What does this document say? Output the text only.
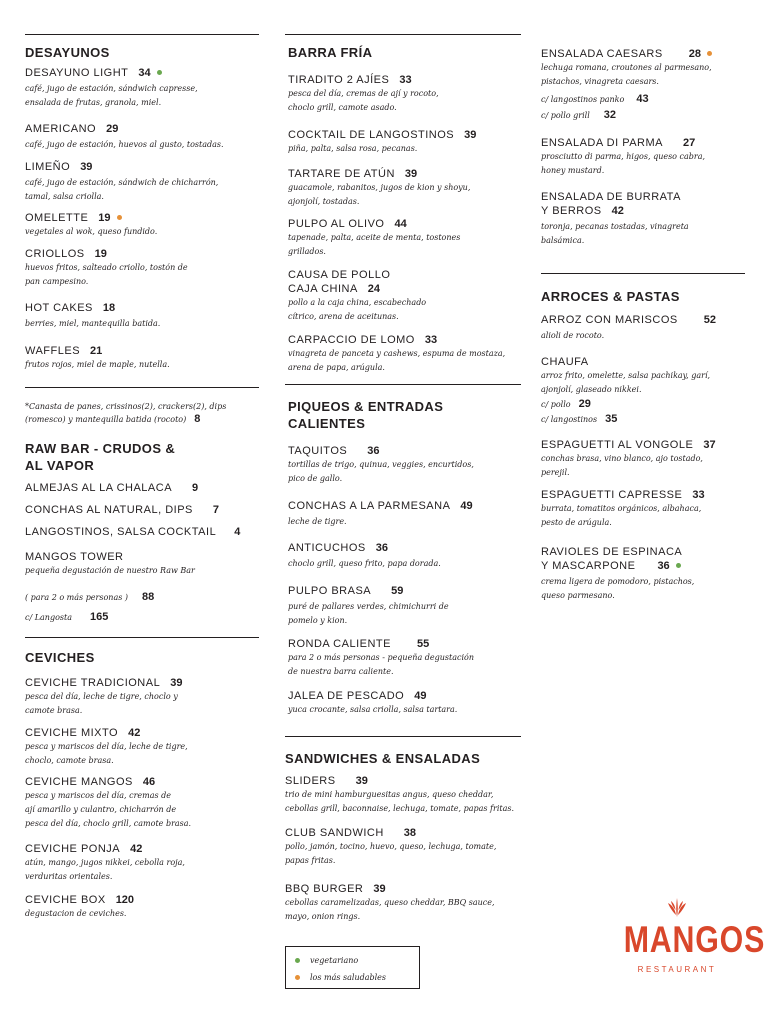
DESAYUNOS
DESAYUNO LIGHT 34
café, jugo de estación, sándwich capresse,
ensalada de frutas, granola, miel.
AMERICANO 29
café, jugo de estación, huevos al gusto, tostadas.
LIMEÑO 39
café, jugo de estación, sándwich de chicharrón,
tamal, salsa criolla.
OMELETTE 19
vegetales al wok, queso fundido.
CRIOLLOS 19
huevos fritos, salteado criollo, tostón de
pan campesino.
HOT CAKES 18
berries, miel, mantequilla batida.
WAFFLES 21
frutos rojos, miel de maple, nutella.
*Canasta de panes, crissinos(2), crackers(2), dips
(romesco) y mantequilla batida (rocoto) 8
RAW BAR - CRUDOS &
AL VAPOR
ALMEJAS AL LA CHALACA 9
CONCHAS AL NATURAL, DIPS 7
LANGOSTINOS, SALSA COCKTAIL 4
MANGOS TOWER
pequeña degustación de nuestro Raw Bar
( para 2 o más personas ) 88
c/ Langosta 165
CEVICHES
CEVICHE TRADICIONAL 39
pesca del día, leche de tigre, choclo y
camote brasa.
CEVICHE MIXTO 42
pesca y mariscos del día, leche de tigre,
choclo, camote brasa.
CEVICHE MANGOS 46
pesca y mariscos del día, cremas de
ají amarillo y culantro, chicharrón de
pesca del día, choclo grill, camote brasa.
CEVICHE PONJA 42
atún, mango, jugos nikkei, cebolla roja,
verduritas orientales.
CEVICHE BOX 120
degustacion de ceviches.
BARRA FRÍA
TIRADITO 2 AJÍES 33
pesca del día, cremas de ají y rocoto,
choclo grill, camote asado.
COCKTAIL DE LANGOSTINOS 39
piña, palta, salsa rosa, pecanas.
TARTARE DE ATÚN 39
guacamole, rabanitos, jugos de kion y shoyu,
ajonjolí, tostadas.
PULPO AL OLIVO 44
tapenade, palta, aceite de menta, tostones
grillados.
CAUSA DE POLLO
CAJA CHINA 24
pollo a la caja china, escabechado
cítrico, arena de aceitunas.
CARPACCIO DE LOMO 33
vinagreta de panceta y cashews, espuma de mostaza,
arena de papa, arúgula.
PIQUEOS & ENTRADAS
CALIENTES
TAQUITOS 36
tortillas de trigo, quinua, veggies, encurtidos,
pico de gallo.
CONCHAS A LA PARMESANA 49
leche de tigre.
ANTICUCHOS 36
choclo grill, queso frito, papa dorada.
PULPO BRASA 59
puré de pallares verdes, chimichurri de
pomelo y kion.
RONDA CALIENTE 55
para 2 o más personas - pequeña degustación
de nuestra barra caliente.
JALEA DE PESCADO 49
yuca crocante, salsa criolla, salsa tartara.
SANDWICHES & ENSALADAS
SLIDERS 39
trio de mini hamburguesitas angus, queso cheddar,
cebollas grill, baconnaise, lechuga, tomate, papas fritas.
CLUB SANDWICH 38
pollo, jamón, tocino, huevo, queso, lechuga, tomate,
papas fritas.
BBQ BURGER 39
cebollas caramelizadas, queso cheddar, BBQ sauce,
mayo, onion rings.
vegetariano
los más saludables
ENSALADA CAESARS 28
lechuga romana, croutones al parmesano,
pistachos, vinagreta caesars.
c/ langostinos panko 43
c/ pollo grill 32
ENSALADA DI PARMA 27
prosciutto di parma, higos, queso cabra,
honey mustard.
ENSALADA DE BURRATA
Y BERROS 42
toronja, pecanas tostadas, vinagreta
balsámica.
ARROCES & PASTAS
ARROZ CON MARISCOS 52
alioli de rocoto.
CHAUFA
arroz frito, omelette, salsa pachikay, garí,
ajonjolí, glaseado nikkei.
c/ pollo 29
c/ langostinos 35
ESPAGUETTI AL VONGOLE 37
conchas brasa, vino blanco, ajo tostado,
perejil.
ESPAGUETTI CAPRESSE 33
burrata, tomatitos orgánicos, albahaca,
pesto de arúgula.
RAVIOLES DE ESPINACA
Y MASCARPONE 36
crema ligera de pomodoro, pistachos,
queso parmesano.
MANGOS
RESTAURANT
